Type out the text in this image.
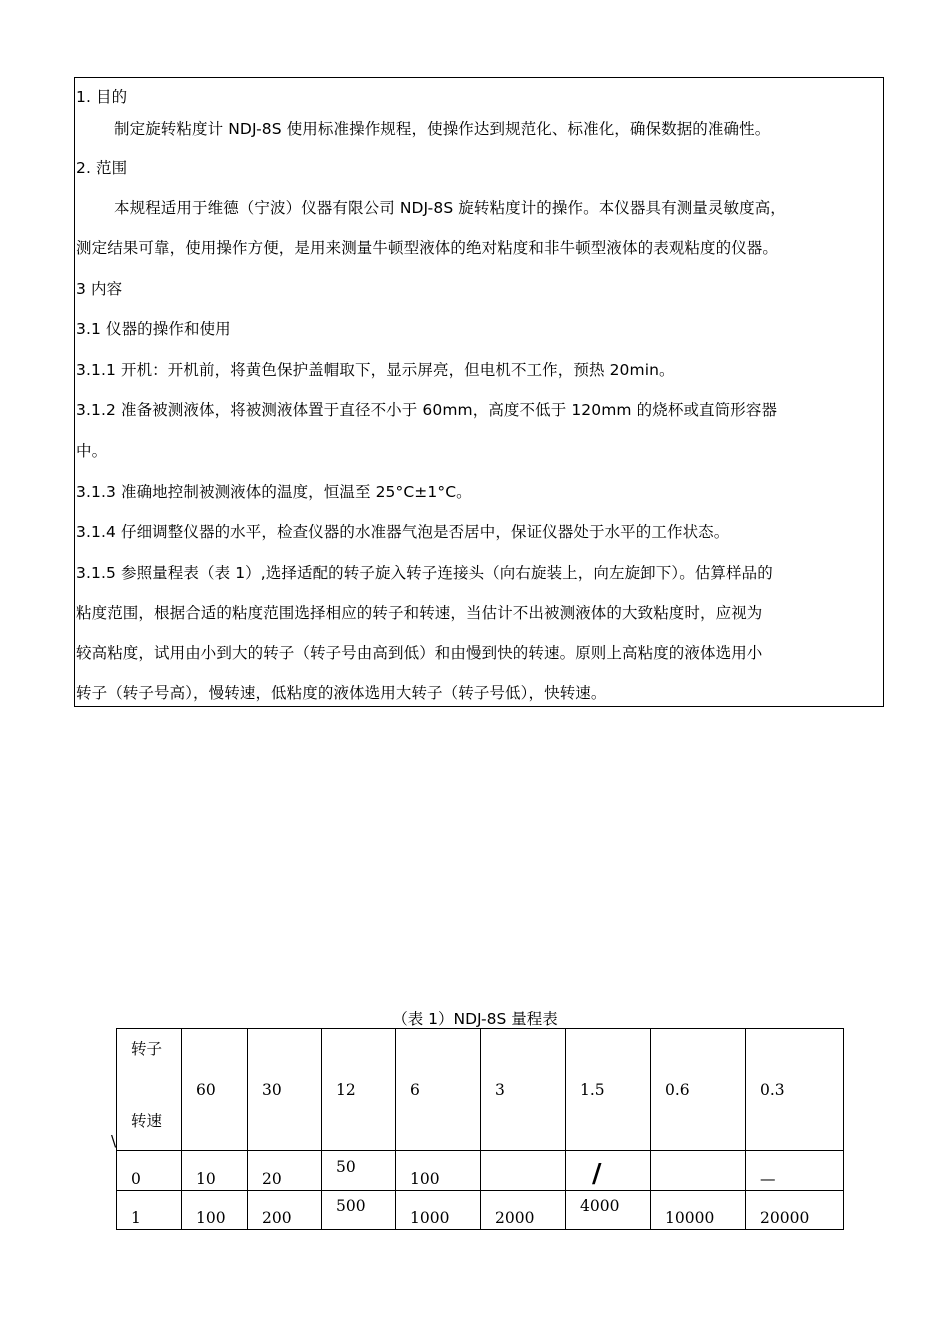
1. 目的
制定旋转粘度计 NDJ-8S 使用标准操作规程，使操作达到规范化、标准化，确保数据的准确性。
2. 范围
本规程适用于维德（宁波）仪器有限公司 NDJ-8S 旋转粘度计的操作。本仪器具有测量灵敏度高，
测定结果可靠，使用操作方便，是用来测量牛顿型液体的绝对粘度和非牛顿型液体的表观粘度的仪器。
3 内容
3.1 仪器的操作和使用
3.1.1 开机：开机前，将黄色保护盖帽取下，显示屏亮，但电机不工作，预热 20min。
3.1.2 准备被测液体，将被测液体置于直径不小于 60mm，高度不低于 120mm 的烧杯或直筒形容器
中。
3.1.3 准确地控制被测液体的温度，恒温至 25°C±1°C。
3.1.4 仔细调整仪器的水平，检查仪器的水准器气泡是否居中，保证仪器处于水平的工作状态。
3.1.5 参照量程表（表 1）,选择适配的转子旋入转子连接头（向右旋装上，向左旋卸下）。估算样品的
粘度范围，根据合适的粘度范围选择相应的转子和转速，当估计不出被测液体的大致粘度时，应视为
较高粘度，试用由小到大的转子（转子号由高到低）和由慢到快的转速。原则上高粘度的液体选用小
转子（转子号高），慢转速，低粘度的液体选用大转子（转子号低），快转速。
（表 1）NDJ-8S 量程表
转子
转速
\	60	30	12	6	3	1.5	0.6	0.3
0	10	20	50	100		/		—
1	100	200	500	1000	2000	4000	10000	20000
